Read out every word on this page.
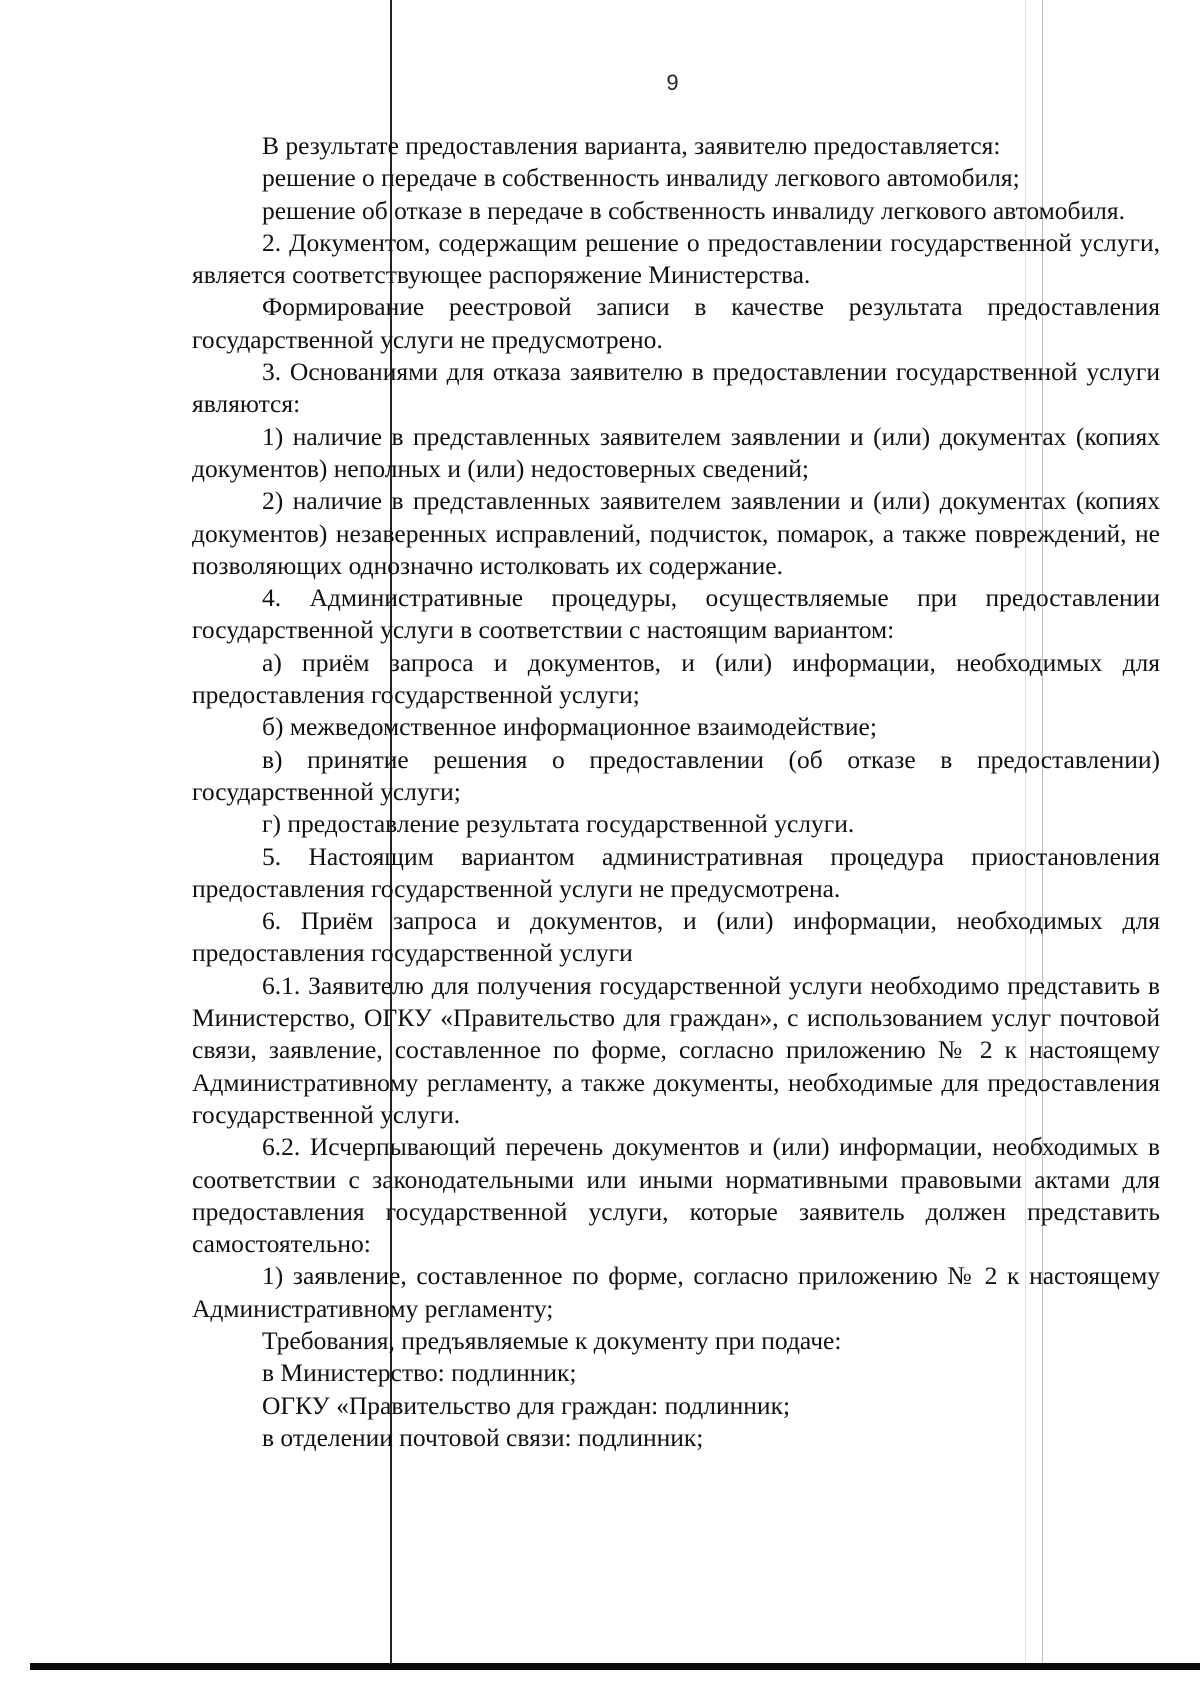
9

В результате предоставления варианта, заявителю предоставляется:

решение о передаче в собственность инвалиду легкового автомобиля;

решение об отказе в передаче в собственность инвалиду легкового автомобиля.

2. Документом, содержащим решение о предоставлении государственной услуги, является соответствующее распоряжение Министерства.

Формирование реестровой записи в качестве результата предоставления государственной услуги не предусмотрено.

3. Основаниями для отказа заявителю в предоставлении государственной услуги являются:

1) наличие в представленных заявителем заявлении и (или) документах (копиях документов) неполных и (или) недостоверных сведений;

2) наличие в представленных заявителем заявлении и (или) документах (копиях документов) незаверенных исправлений, подчисток, помарок, а также повреждений, не позволяющих однозначно истолковать их содержание.

4. Административные процедуры, осуществляемые при предоставлении государственной услуги в соответствии с настоящим вариантом:

а) приём запроса и документов, и (или) информации, необходимых для предоставления государственной услуги;

б) межведомственное информационное взаимодействие;

в) принятие решения о предоставлении (об отказе в предоставлении) государственной услуги;

г) предоставление результата государственной услуги.

5. Настоящим вариантом административная процедура приостановления предоставления государственной услуги не предусмотрена.

6. Приём запроса и документов, и (или) информации, необходимых для предоставления государственной услуги

6.1. Заявителю для получения государственной услуги необходимо представить в Министерство, ОГКУ «Правительство для граждан», с использованием услуг почтовой связи, заявление, составленное по форме, согласно приложению № 2 к настоящему Административному регламенту, а также документы, необходимые для предоставления государственной услуги.

6.2. Исчерпывающий перечень документов и (или) информации, необходимых в соответствии с законодательными или иными нормативными правовыми актами для предоставления государственной услуги, которые заявитель должен представить самостоятельно:

1) заявление, составленное по форме, согласно приложению № 2 к настоящему Административному регламенту;

Требования, предъявляемые к документу при подаче:

в Министерство: подлинник;

ОГКУ «Правительство для граждан: подлинник;

в отделении почтовой связи: подлинник;
